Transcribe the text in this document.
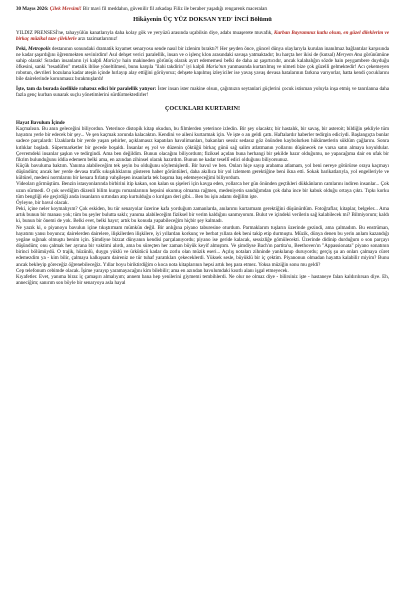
30 Mayıs 2026: Çilek Mevsimi! Bir mavi fil meddahın, güvenilir fil arkadaşı Filiz ile beraber yaşadığı rengarenk maceraları

Hikâyenin ÜÇ YÜZ DOKSAN YED' İNCİ Bölümü

YILDIZ PRENSESİ'ne, tahayyülün kanatlarıyla daha kolay gök ve yeryüzü arasında uçabilsin diye, adabı muaşerete muvafık, Kurban Bayramınız kutlu olsun, en güzel dileklerim ve birkaç müzikal taze çileklerle arzı tazimatlarımız!

Peki, Metropolis destanının sonundaki dramatik kıyamet senaryosu sende nasıl bir izlenim bıraktı?! Her şeyden önce, güncel dünya olaylarıyla kurulan inanılmaz bağlantılar karşısında ne kadar şaşırdığını öğrenmekten sevinirdim! Asıl dehşet verici paralellik, insan ve o işlenç klon arasındaki savaşa yatmaktadır; bu harçta her ikisi de (kutsal) Meryem Ana görünümüne sahip olarak! Sıradan insanların iyi kalpli Maria'yı hain makineden görünüş olarak ayırt edememesi belki de daha az şaşırtıcıdır, ancak kalabalığın sözde hain peygambere duyduğu öfkesini, sanki "tesadüfen" metalik iblise yöneltilmesi, bunu karşıla "ilahi takdirin" iyi kalpli Maria'nın yanmasında kurtarılmış ve nimeti bize çok güzelli gelmektedir! Acı çekemeyen robotun, devrileri bozulana kadar ateşin içinde hırlayıp alay ettiğini görüyoruz; dehşete kapılmış izleyiciler ise yavaş yavaş devasa hatalarının farkına varıyorlar, hatta kendi çocuklarını bile dairelerinde korunmasız bırakmışlardı!

İşte, tam da burada özellikle rahatsız edici bir paralellik yatıyor: İster insan ister makine olsun, çağımızın seytanlari güçlerini çocuk istisman yoluyla inşa etmiş ve tanrılanna daha fazla genç kurban sunarak suçlu yönetimlerini sürdürmektedirler!

ÇOCUKLARI KURTARIN!

Hayat Bavulum İçinde

Kaçmalısın. Bu anın geleceğini biliyordun. Yeterince distopik kitap okudun, bu filmlerden yeterince izledin. Bir şey olacaktı; bir hastalık, bir savaş, bir asteroit; bildiğin şekliyle tüm hayatını yerle bir edecek bir şey... Ve şen kaçmak zorunda kalacaktın. Kendini ve aileni kurtarmak için. Ve işte o an geldi çattı. Haftalardır haberler tedirgin ediciydi. Başlangıçta bunlar sadece parçalardı: Uzaklarda bir yerde yaşan şehirler, açıklamasız kapatılan havalimanları, bakanları sessiz sedasız göz önünden kaybolurken hükümetlerin süklüm çağlarını. Sonra kıtlıklar başladı. Süpermarketler bir gecede boşaldı. İnsanlar eş yol ve düzenin çöktüğü birkaç günü sağ salim atlatmanın yollarını düşünecek ne varsa satın almaya koyuldular. Çevremdeki insanlar şaşkın ve tedirgindi. Ama ben değildim. Bunun olacağını biliyordum; fiziksel açıdan buna herhangi bir şekilde hazır olduğumu, ne yapacağıma dair en ufak bir fikrim bulunduğunu iddia edemem belki ama, en azından zihinsel olarak hazırdım. Bunun ne kadar tesellî edici olduğunu biliyorsunuz.

Küçük bavuluma baktım. Yanıma alabileceğim tek şeyin bu olduğunu söylemişlerdi. Bir bavul ve ben. Onları hiçe sayıp arabama atlamam, yol beni nereye götürürse oraya kaçmayı düşündüm; ancak her yerde devasa trafik sıkışıklıklarını gösteren haber görüntüleri, daha akıllıca bir yol izlemem gerektiğine beni ikna etti. Sokak barikatlarıyla, yol engelleriyle ve kültürel, medeni normlarını bir kenara fırlatıp vahşileşen insanlarla tek başıma baş edemeyeceğimi biliyordum.

Videoları görmüştüm. Benzin istasyonlarında birbirini itip kakan, son kalan su şişeleri için kavga eden, yollarca her gün önünden geçtikleri dükkânların camlarını indiren insanlar... Çok uzun sürmedi. O çok sevdiğim düzenli bilim kurgu romanlarının hepsini okumuş olmama rağmen, medeniyetin sandığımdan çok daha ince bir kabuk olduğu ortaya çıktı. Tıpkı korku tüm bengliği ele geçirdiği anda insanların sırtından atıp kurtulduğu o kırılgan deri gibi... Ben bu işin adamı değilim işte.

Öyleyse, bir bavul olacak.

Peki, içine neler koymalıyım? Çok eskiden, bu tür senaryolar üzerine kafa yorduğum zamanlarda, anılarımı kurtarmam gerektiğini düşünürdüm. Fotoğraflar, kitaplar, belgeler... Ama artık bunun bir manası yok; tüm bu şeyler bulutta saklı; yanıma alabileceğim fiziksel bir verim kaldığını sanmıyorum. Bulut ve içindeki verilerin sağ kalabilecek mi? Bilmiyorum; kaldı ki, bunun bir önemi de yok. Belki evet, belki hayır; artık bu konuda yapabileceğim hiçbir şey kalmadı.

Ne yazık ki, o piyanoyu bavulun içine tıkıştırmam mümkün değil. Bir anlığına piyano taburesine oturdum. Parmaklarım tuşların üzerinde gezindi, ama çalmadım. Bu enstrüman, hayatımı yansı boyunca; dairelerden dairelere, ilişkilerden ilişkilere, iyi yıllardan korkunç ve berbat yıllara dek beni takip etip durmuştu. Müzik, dünya denen bu yerin anlam kazandığı yegâne sığınak olmuştu benim için. Şimdiyse bizzat dünyanın kendisi parçalanıyordu; piyano ise geride kalacak, sessizliğe gömülecekti. Üzerinde didinip durduğum o son parçayı düşündüm; onu çalmak her ayrana bir vaktimi alırdı, ama bu süreçten her zaman büyük keyif almıştım. Ve şimdiyse Bach'ın partita'sı, Beethoven'ın "Appassionata" piyano sonatının birinci bölümüydü. O trajik, hüzünlü, duygu yüklü ve ürkütücü kadar da zorlu olan müzik eseri... Açılış notaları zihninde yankılanıp duruyordu; gerçiş şu an onları çalmaya cüret edemezdim ya - kim bilir, çalmaya kalkışsam daireniz ne tür tuhaf yaratıkları çekeceklerdi. Yüksek sesle, büyüklü bir iç çektim. Piyanonun olmadan hayatta kalabilir miyim? Bunu ancak bekleyip göreceğiz öğrenebileceğiz. Yıllar boyu biriktirdiğim o koca nota kitaplarının hepsi artık beş para etmez. Yoksa müziğin sonu mu geldi?

Cep telefonum cebimde olacak. İşime yarayıp yaramayacağını kim bilebilir; ama en azından bavulumdaki kısıtlı alanı işgal etmeyecek.

Kıyafetler. Evet, yanıma biraz iç çamaşırı almalıyım; annem bana hep yenilerini giymemi tembihlerdi. Ne olur ne olmaz diye - bilirsiniz işte - hastaneye falan kaldırılırsan diye. Eh, anneciğim; sanırım son böyle bir senaryoya asla hayal
